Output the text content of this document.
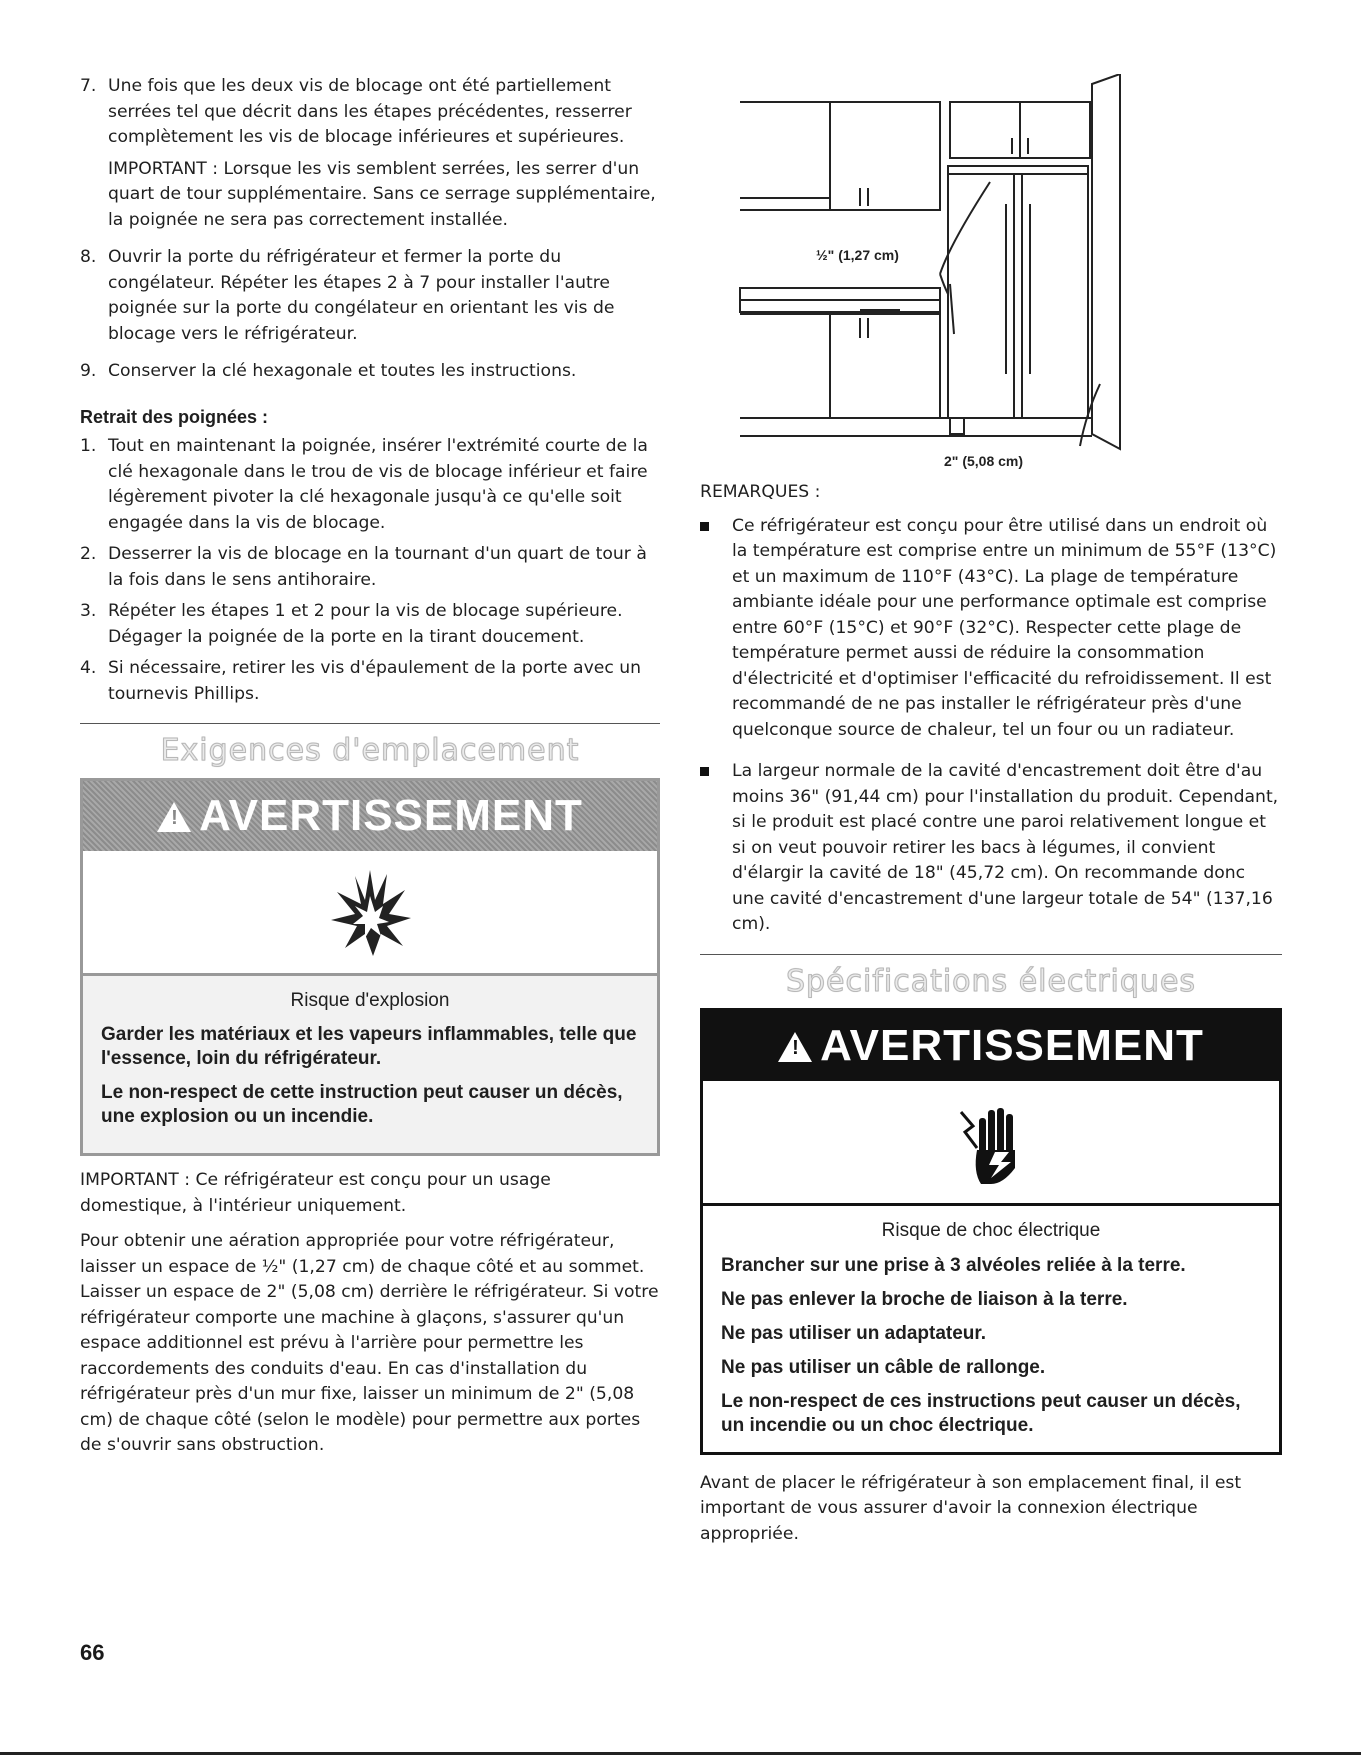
7. Une fois que les deux vis de blocage ont été partiellement serrées tel que décrit dans les étapes précédentes, resserrer complètement les vis de blocage inférieures et supérieures.

IMPORTANT : Lorsque les vis semblent serrées, les serrer d'un quart de tour supplémentaire. Sans ce serrage supplémentaire, la poignée ne sera pas correctement installée.

8. Ouvrir la porte du réfrigérateur et fermer la porte du congélateur. Répéter les étapes 2 à 7 pour installer l'autre poignée sur la porte du congélateur en orientant les vis de blocage vers le réfrigérateur.

9. Conserver la clé hexagonale et toutes les instructions.

Retrait des poignées :
1. Tout en maintenant la poignée, insérer l'extrémité courte de la clé hexagonale dans le trou de vis de blocage inférieur et faire légèrement pivoter la clé hexagonale jusqu'à ce qu'elle soit engagée dans la vis de blocage.
2. Desserrer la vis de blocage en la tournant d'un quart de tour à la fois dans le sens antihoraire.
3. Répéter les étapes 1 et 2 pour la vis de blocage supérieure. Dégager la poignée de la porte en la tirant doucement.
4. Si nécessaire, retirer les vis d'épaulement de la porte avec un tournevis Phillips.
Exigences d'emplacement
! AVERTISSEMENT
Risque d'explosion
Garder les matériaux et les vapeurs inflammables, telle que l'essence, loin du réfrigérateur.
Le non-respect de cette instruction peut causer un décès, une explosion ou un incendie.

IMPORTANT : Ce réfrigérateur est conçu pour un usage domestique, à l'intérieur uniquement.

Pour obtenir une aération appropriée pour votre réfrigérateur, laisser un espace de ½" (1,27 cm) de chaque côté et au sommet. Laisser un espace de 2" (5,08 cm) derrière le réfrigérateur. Si votre réfrigérateur comporte une machine à glaçons, s'assurer qu'un espace additionnel est prévu à l'arrière pour permettre les raccordements des conduits d'eau. En cas d'installation du réfrigérateur près d'un mur fixe, laisser un minimum de 2" (5,08 cm) de chaque côté (selon le modèle) pour permettre aux portes de s'ouvrir sans obstruction.

½" (1,27 cm)
2" (5,08 cm)
REMARQUES :
Ce réfrigérateur est conçu pour être utilisé dans un endroit où la température est comprise entre un minimum de 55°F (13°C) et un maximum de 110°F (43°C). La plage de température ambiante idéale pour une performance optimale est comprise entre 60°F (15°C) et 90°F (32°C). Respecter cette plage de température permet aussi de réduire la consommation d'électricité et d'optimiser l'efficacité du refroidissement. Il est recommandé de ne pas installer le réfrigérateur près d'une quelconque source de chaleur, tel un four ou un radiateur.
La largeur normale de la cavité d'encastrement doit être d'au moins 36" (91,44 cm) pour l'installation du produit. Cependant, si le produit est placé contre une paroi relativement longue et si on veut pouvoir retirer les bacs à légumes, il convient d'élargir la cavité de 18" (45,72 cm). On recommande donc une cavité d'encastrement d'une largeur totale de 54" (137,16 cm).
Spécifications électriques
! AVERTISSEMENT
Risque de choc électrique
Brancher sur une prise à 3 alvéoles reliée à la terre.
Ne pas enlever la broche de liaison à la terre.
Ne pas utiliser un adaptateur.
Ne pas utiliser un câble de rallonge.
Le non-respect de ces instructions peut causer un décès, un incendie ou un choc électrique.

Avant de placer le réfrigérateur à son emplacement final, il est important de vous assurer d'avoir la connexion électrique appropriée.

66
